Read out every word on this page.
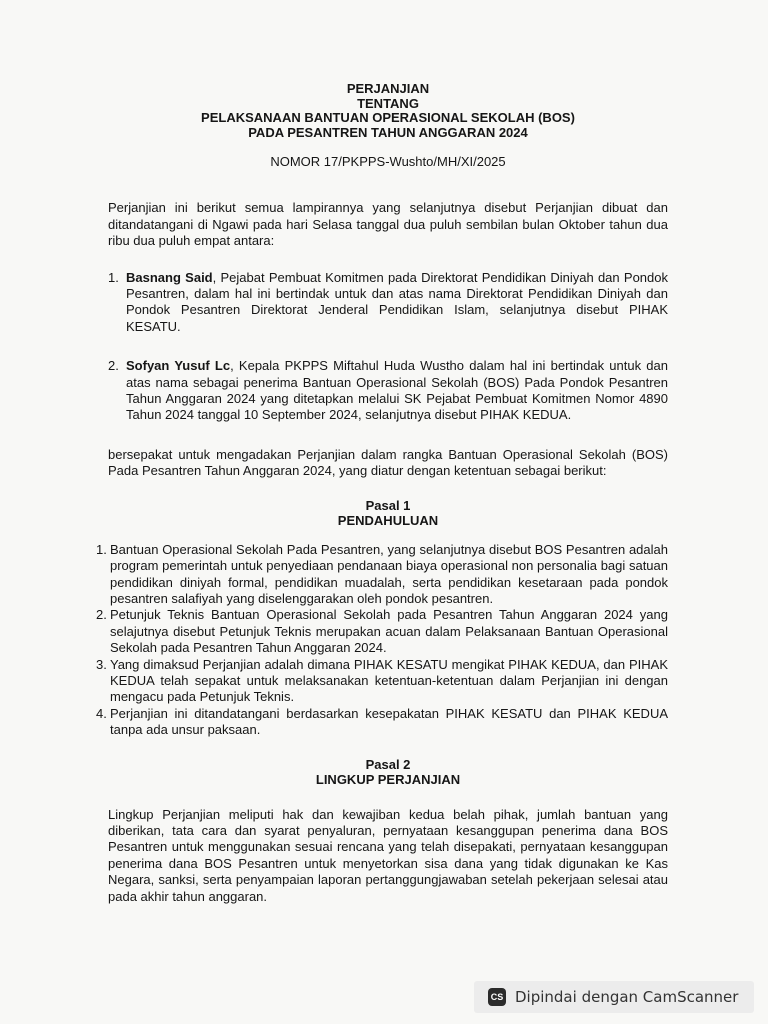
PERJANJIAN
TENTANG
PELAKSANAAN BANTUAN OPERASIONAL SEKOLAH (BOS)
PADA PESANTREN TAHUN ANGGARAN 2024
NOMOR 17/PKPPS-Wushto/MH/XI/2025

Perjanjian ini berikut semua lampirannya yang selanjutnya disebut Perjanjian dibuat dan ditandatangani di Ngawi pada hari Selasa tanggal dua puluh sembilan bulan Oktober tahun dua ribu dua puluh empat antara:

1. Basnang Said, Pejabat Pembuat Komitmen pada Direktorat Pendidikan Diniyah dan Pondok Pesantren, dalam hal ini bertindak untuk dan atas nama Direktorat Pendidikan Diniyah dan Pondok Pesantren Direktorat Jenderal Pendidikan Islam, selanjutnya disebut PIHAK KESATU.
2. Sofyan Yusuf Lc, Kepala PKPPS Miftahul Huda Wustho dalam hal ini bertindak untuk dan atas nama sebagai penerima Bantuan Operasional Sekolah (BOS) Pada Pondok Pesantren Tahun Anggaran 2024 yang ditetapkan melalui SK Pejabat Pembuat Komitmen Nomor 4890 Tahun 2024 tanggal 10 September 2024, selanjutnya disebut PIHAK KEDUA.

bersepakat untuk mengadakan Perjanjian dalam rangka Bantuan Operasional Sekolah (BOS) Pada Pesantren Tahun Anggaran 2024, yang diatur dengan ketentuan sebagai berikut:

Pasal 1
PENDAHULUAN
1. Bantuan Operasional Sekolah Pada Pesantren, yang selanjutnya disebut BOS Pesantren adalah program pemerintah untuk penyediaan pendanaan biaya operasional non personalia bagi satuan pendidikan diniyah formal, pendidikan muadalah, serta pendidikan kesetaraan pada pondok pesantren salafiyah yang diselenggarakan oleh pondok pesantren.
2. Petunjuk Teknis Bantuan Operasional Sekolah pada Pesantren Tahun Anggaran 2024 yang selajutnya disebut Petunjuk Teknis merupakan acuan dalam Pelaksanaan Bantuan Operasional Sekolah pada Pesantren Tahun Anggaran 2024.
3. Yang dimaksud Perjanjian adalah dimana PIHAK KESATU mengikat PIHAK KEDUA, dan PIHAK KEDUA telah sepakat untuk melaksanakan ketentuan-ketentuan dalam Perjanjian ini dengan mengacu pada Petunjuk Teknis.
4. Perjanjian ini ditandatangani berdasarkan kesepakatan PIHAK KESATU dan PIHAK KEDUA tanpa ada unsur paksaan.
Pasal 2
LINGKUP PERJANJIAN

Lingkup Perjanjian meliputi hak dan kewajiban kedua belah pihak, jumlah bantuan yang diberikan, tata cara dan syarat penyaluran, pernyataan kesanggupan penerima dana BOS Pesantren untuk menggunakan sesuai rencana yang telah disepakati, pernyataan kesanggupan penerima dana BOS Pesantren untuk menyetorkan sisa dana yang tidak digunakan ke Kas Negara, sanksi, serta penyampaian laporan pertanggungjawaban setelah pekerjaan selesai atau pada akhir tahun anggaran.

CS Dipindai dengan CamScanner
